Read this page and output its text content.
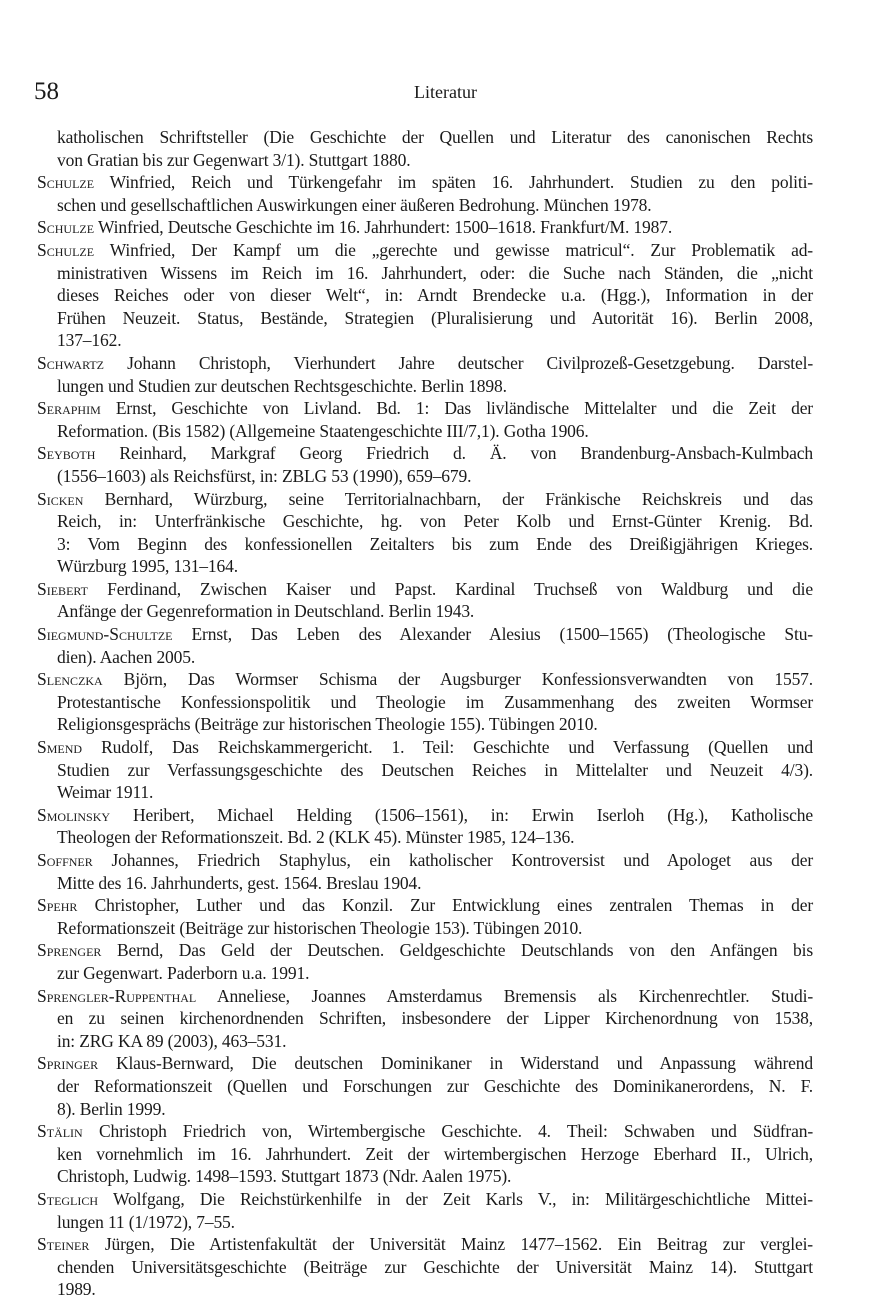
58	Literatur
katholischen Schriftsteller (Die Geschichte der Quellen und Literatur des canonischen Rechts
von Gratian bis zur Gegenwart 3/1). Stuttgart 1880.
Schulze Winfried, Reich und Türkengefahr im späten 16. Jahrhundert. Studien zu den politi-
schen und gesellschaftlichen Auswirkungen einer äußeren Bedrohung. München 1978.
Schulze Winfried, Deutsche Geschichte im 16. Jahrhundert: 1500–1618. Frankfurt/M. 1987.
Schulze Winfried, Der Kampf um die „gerechte und gewisse matricul“. Zur Problematik ad-
ministrativen Wissens im Reich im 16. Jahrhundert, oder: die Suche nach Ständen, die „nicht
dieses Reiches oder von dieser Welt“, in: Arndt Brendecke u.a. (Hgg.), Information in der
Frühen Neuzeit. Status, Bestände, Strategien (Pluralisierung und Autorität 16). Berlin 2008,
137–162.
Schwartz Johann Christoph, Vierhundert Jahre deutscher Civilprozeß-Gesetzgebung. Darstel-
lungen und Studien zur deutschen Rechtsgeschichte. Berlin 1898.
Seraphim Ernst, Geschichte von Livland. Bd. 1: Das livländische Mittelalter und die Zeit der
Reformation. (Bis 1582) (Allgemeine Staatengeschichte III/7,1). Gotha 1906.
Seyboth Reinhard, Markgraf Georg Friedrich d. Ä. von Brandenburg-Ansbach-Kulmbach
(1556–1603) als Reichsfürst, in: ZBLG 53 (1990), 659–679.
Sicken Bernhard, Würzburg, seine Territorialnachbarn, der Fränkische Reichskreis und das
Reich, in: Unterfränkische Geschichte, hg. von Peter Kolb und Ernst-Günter Krenig. Bd.
3: Vom Beginn des konfessionellen Zeitalters bis zum Ende des Dreißigjährigen Krieges.
Würzburg 1995, 131–164.
Siebert Ferdinand, Zwischen Kaiser und Papst. Kardinal Truchseß von Waldburg und die
Anfänge der Gegenreformation in Deutschland. Berlin 1943.
Siegmund-Schultze Ernst, Das Leben des Alexander Alesius (1500–1565) (Theologische Stu-
dien). Aachen 2005.
Slenczka Björn, Das Wormser Schisma der Augsburger Konfessionsverwandten von 1557.
Protestantische Konfessionspolitik und Theologie im Zusammenhang des zweiten Wormser
Religionsgesprächs (Beiträge zur historischen Theologie 155). Tübingen 2010.
Smend Rudolf, Das Reichskammergericht. 1. Teil: Geschichte und Verfassung (Quellen und
Studien zur Verfassungsgeschichte des Deutschen Reiches in Mittelalter und Neuzeit 4/3).
Weimar 1911.
Smolinsky Heribert, Michael Helding (1506–1561), in: Erwin Iserloh (Hg.), Katholische
Theologen der Reformationszeit. Bd. 2 (KLK 45). Münster 1985, 124–136.
Soffner Johannes, Friedrich Staphylus, ein katholischer Kontroversist und Apologet aus der
Mitte des 16. Jahrhunderts, gest. 1564. Breslau 1904.
Spehr Christopher, Luther und das Konzil. Zur Entwicklung eines zentralen Themas in der
Reformationszeit (Beiträge zur historischen Theologie 153). Tübingen 2010.
Sprenger Bernd, Das Geld der Deutschen. Geldgeschichte Deutschlands von den Anfängen bis
zur Gegenwart. Paderborn u.a. 1991.
Sprengler-Ruppenthal Anneliese, Joannes Amsterdamus Bremensis als Kirchenrechtler. Studi-
en zu seinen kirchenordnenden Schriften, insbesondere der Lipper Kirchenordnung von 1538,
in: ZRG KA 89 (2003), 463–531.
Springer Klaus-Bernward, Die deutschen Dominikaner in Widerstand und Anpassung während
der Reformationszeit (Quellen und Forschungen zur Geschichte des Dominikanerordens, N. F.
8). Berlin 1999.
Stälin Christoph Friedrich von, Wirtembergische Geschichte. 4. Theil: Schwaben und Südfran-
ken vornehmlich im 16. Jahrhundert. Zeit der wirtembergischen Herzoge Eberhard II., Ulrich,
Christoph, Ludwig. 1498–1593. Stuttgart 1873 (Ndr. Aalen 1975).
Steglich Wolfgang, Die Reichstürkenhilfe in der Zeit Karls V., in: Militärgeschichtliche Mittei-
lungen 11 (1/1972), 7–55.
Steiner Jürgen, Die Artistenfakultät der Universität Mainz 1477–1562. Ein Beitrag zur verglei-
chenden Universitätsgeschichte (Beiträge zur Geschichte der Universität Mainz 14). Stuttgart
1989.
